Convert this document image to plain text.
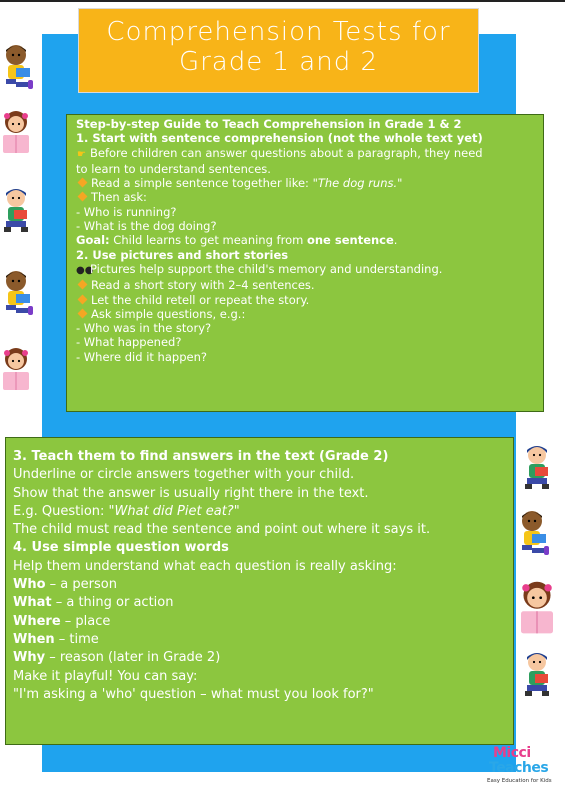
Comprehension Tests for
Grade 1 and 2
Step-by-step Guide to Teach Comprehension in Grade 1 & 2
1. Start with sentence comprehension (not the whole text yet)
☛ Before children can answer questions about a paragraph, they need
to learn to understand sentences.
Read a simple sentence together like: "The dog runs."
Then ask:
- Who is running?
- What is the dog doing?
Goal: Child learns to get meaning from one sentence.
2. Use pictures and short stories
●●Pictures help support the child's memory and understanding.
Read a short story with 2–4 sentences.
Let the child retell or repeat the story.
Ask simple questions, e.g.:
- Who was in the story?
- What happened?
- Where did it happen?
3. Teach them to find answers in the text (Grade 2)
Underline or circle answers together with your child.
Show that the answer is usually right there in the text.
E.g. Question: "What did Piet eat?"
The child must read the sentence and point out where it says it.
4. Use simple question words
Help them understand what each question is really asking:
Who – a person
What – a thing or action
Where – place
When – time
Why – reason (later in Grade 2)
Make it playful! You can say:
"I'm asking a 'who' question – what must you look for?"
Micci
Teaches
Easy Education for Kids
